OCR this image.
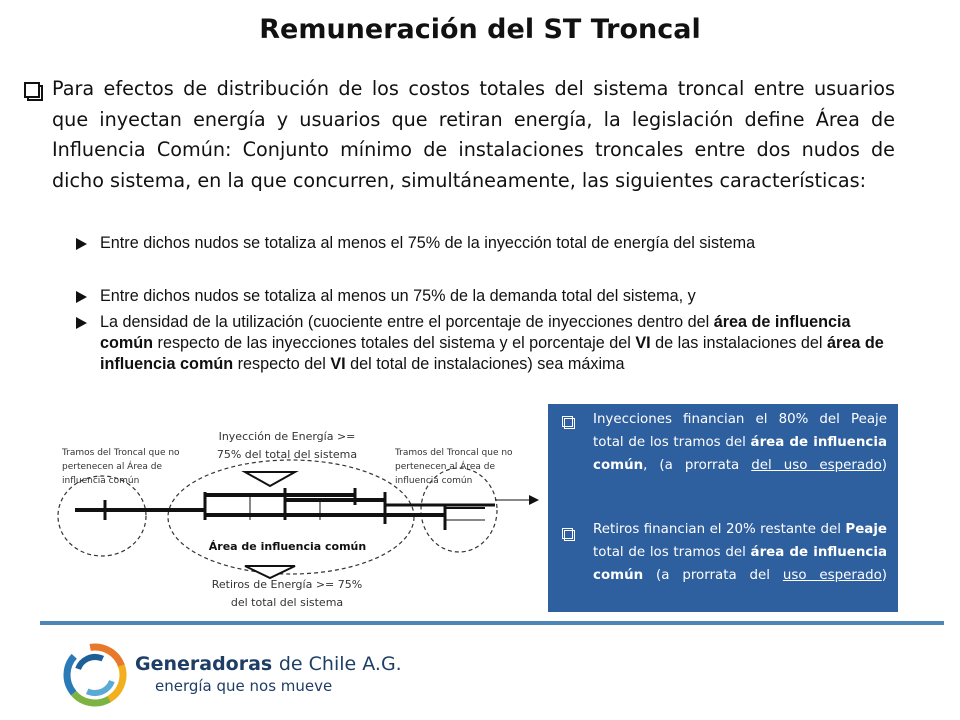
Remuneración del ST Troncal
Para efectos de distribución de los costos totales del sistema troncal entre usuarios que inyectan energía y usuarios que retiran energía, la legislación define Área de Influencia Común: Conjunto mínimo de instalaciones troncales entre dos nudos de dicho sistema, en la que concurren, simultáneamente, las siguientes características:
Entre dichos nudos se totaliza al menos el 75% de la inyección total de energía del sistema
Entre dichos nudos se totaliza al menos un 75% de la demanda total del sistema, y
La densidad de la utilización (cuociente entre el porcentaje de inyecciones dentro del área de influencia común respecto de las inyecciones totales del sistema y el porcentaje del VI de las instalaciones del área de influencia común respecto del VI del total de instalaciones) sea máxima
Tramos del Troncal que no pertenecen al Área de influencia común
Tramos del Troncal que no pertenecen al Área de influencia común
Inyección de Energía >= 75% del total del sistema
Área de influencia común
Retiros de Energía >= 75% del total del sistema
Inyecciones financian el 80% del Peaje total de los tramos del área de influencia común, (a prorrata del uso esperado)
Retiros financian el 20% restante del Peaje total de los tramos del área de influencia común (a prorrata del uso esperado)
Generadoras de Chile A.G.
energía que nos mueve
